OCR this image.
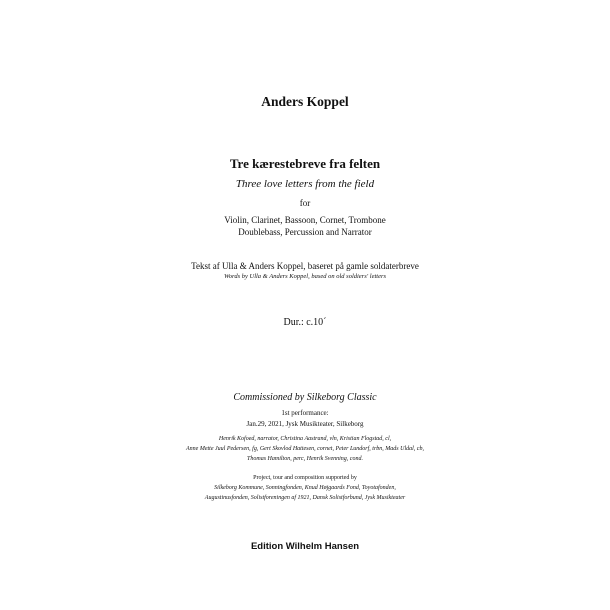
Anders Koppel

Tre kærestebreve fra felten

Three love letters from the field

for

Violin, Clarinet, Bassoon, Cornet, Trombone

Doublebass, Percussion and Narrator

Tekst af Ulla & Anders Koppel, baseret på gamle soldaterbreve

Words by Ulla & Anders Koppel, based on old soldiers' letters

Dur.: c.10´

Commissioned by Silkeborg Classic

1st performance:

Jan.29, 2021, Jysk Musikteater, Silkeborg

Henrik Kofoed, narrator, Christina Aastrand, vln, Kristian Flogstad, cl,

Anne Mette Juul Pedersen, fg, Gert Skovlod Hattesen, cornet, Peter Lundorf, trbn, Mads Uldal, cb,

Thomas Hamilton, perc, Henrik Svenning, cond.

Project, tour and composition supported by

Silkeborg Kommune, Sonningfonden, Knud Højgaards Fond, Toyotafonden,

Augustinusfonden, Solistforeningen af 1921, Dansk Solistforbund, Jysk Musikteater

Edition Wilhelm Hansen
